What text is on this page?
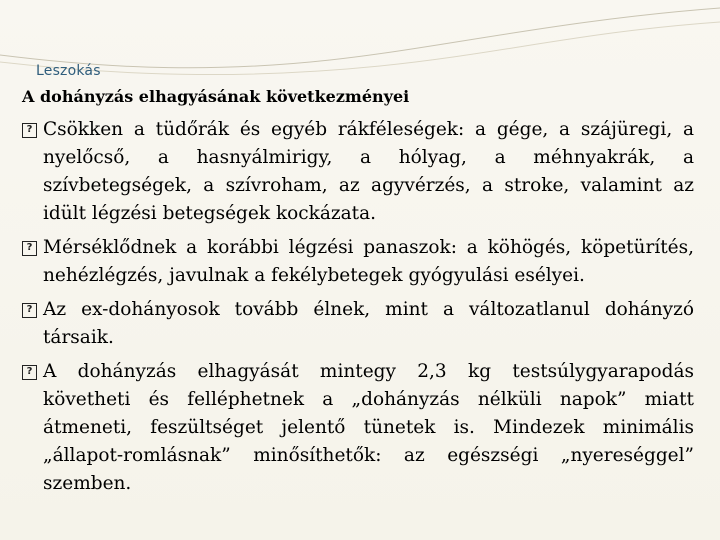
Leszokás
A dohányzás elhagyásának következményei
? Csökken a tüdőrák és egyéb rákféleségek: a gége, a szájüregi, a nyelőcső, a hasnyálmirigy, a hólyag, a méhnyakrák, a szívbetegségek, a szívroham, az agyvérzés, a stroke, valamint az idült légzési betegségek kockázata.
? Mérséklődnek a korábbi légzési panaszok: a köhögés, köpetürítés, nehézlégzés, javulnak a fekélybetegek gyógyulási esélyei.
? Az ex-dohányosok tovább élnek, mint a változatlanul dohányzó társaik.
? A dohányzás elhagyását mintegy 2,3 kg testsúlygyarapodás követheti és felléphetnek a „dohányzás nélküli napok” miatt átmeneti, feszültséget jelentő tünetek is. Mindezek minimális „állapot-romlásnak” minősíthetők: az egészségi „nyereséggel” szemben.
